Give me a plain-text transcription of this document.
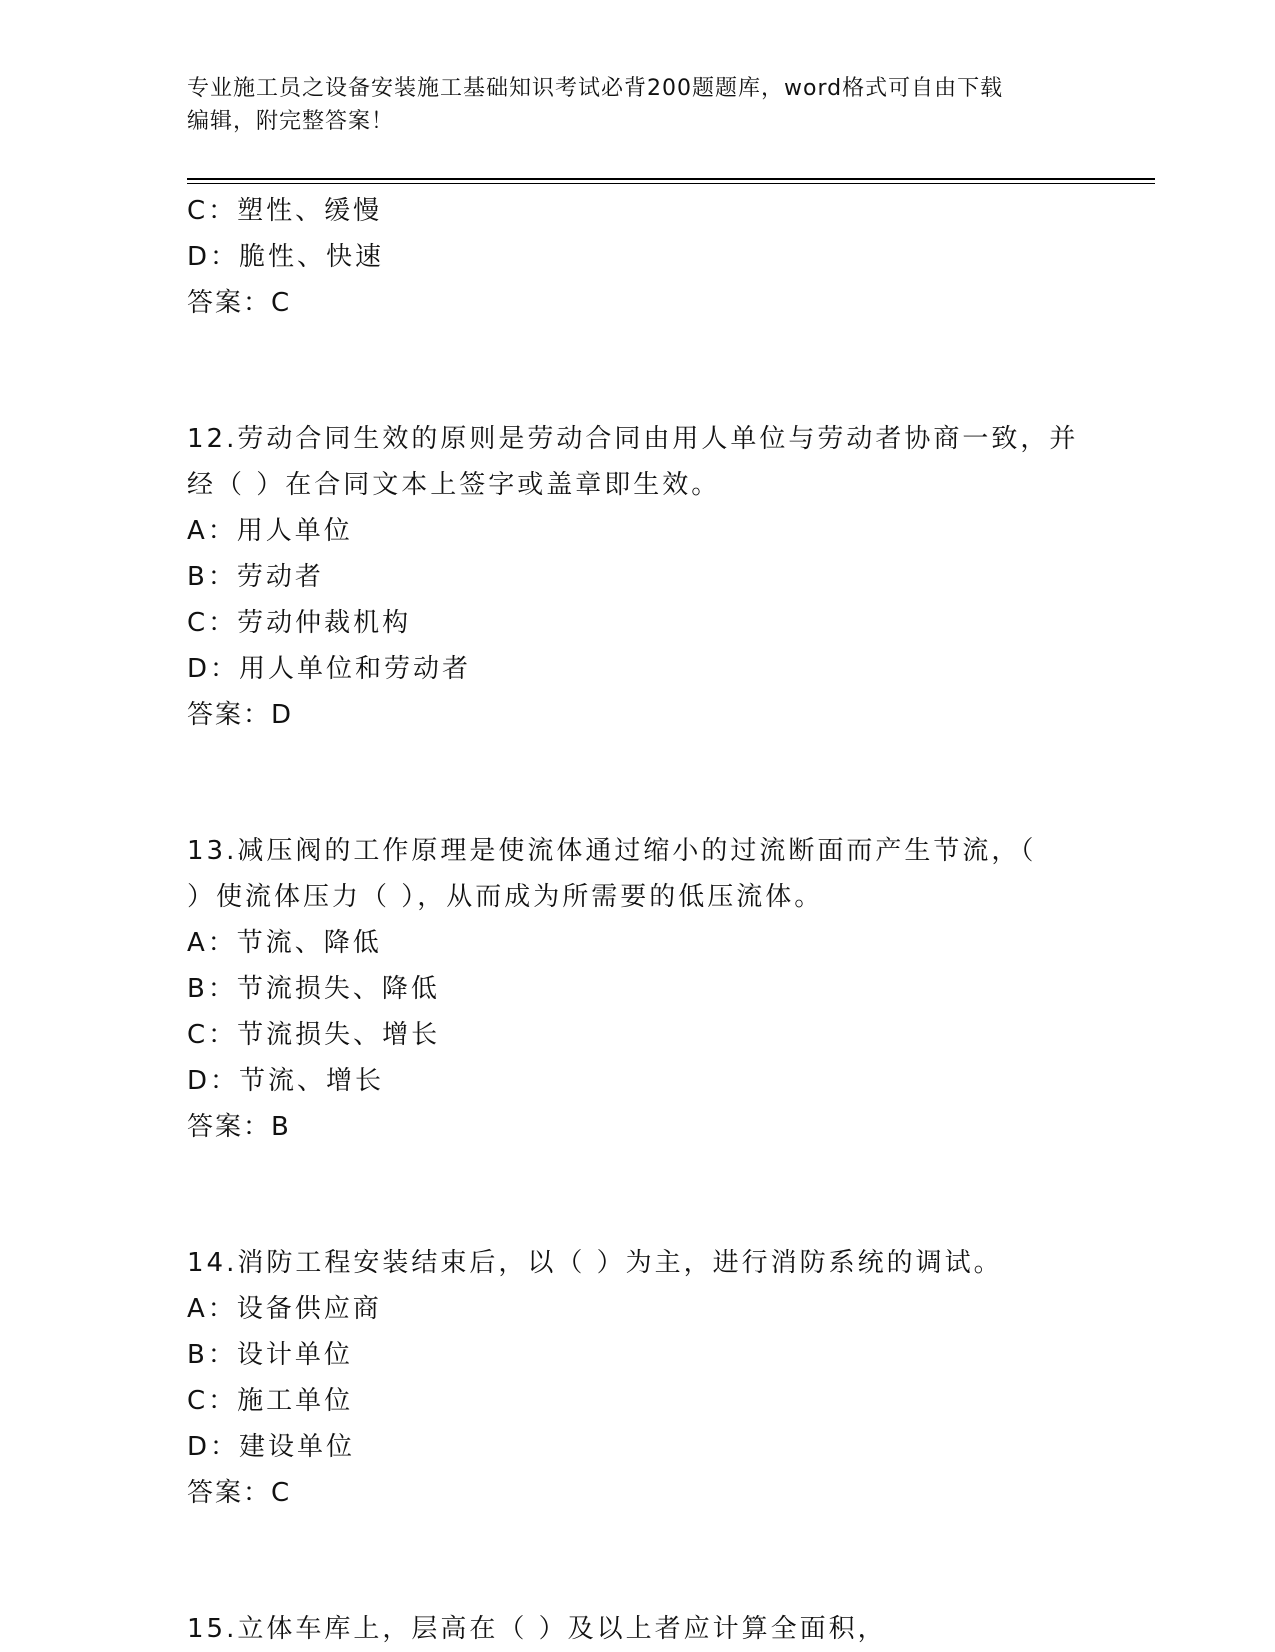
专业施工员之设备安装施工基础知识考试必背200题题库，word格式可自由下载
编辑，附完整答案！
C：塑性、缓慢
D：脆性、快速
答案：C
12.劳动合同生效的原则是劳动合同由用人单位与劳动者协商一致，并
经（ ）在合同文本上签字或盖章即生效。
A：用人单位
B：劳动者
C：劳动仲裁机构
D：用人单位和劳动者
答案：D
13.减压阀的工作原理是使流体通过缩小的过流断面而产生节流，（
）使流体压力（ ），从而成为所需要的低压流体。
A：节流、降低
B：节流损失、降低
C：节流损失、增长
D：节流、增长
答案：B
14.消防工程安装结束后，以（ ）为主，进行消防系统的调试。
A：设备供应商
B：设计单位
C：施工单位
D：建设单位
答案：C
15.立体车库上，层高在（ ）及以上者应计算全面积，
